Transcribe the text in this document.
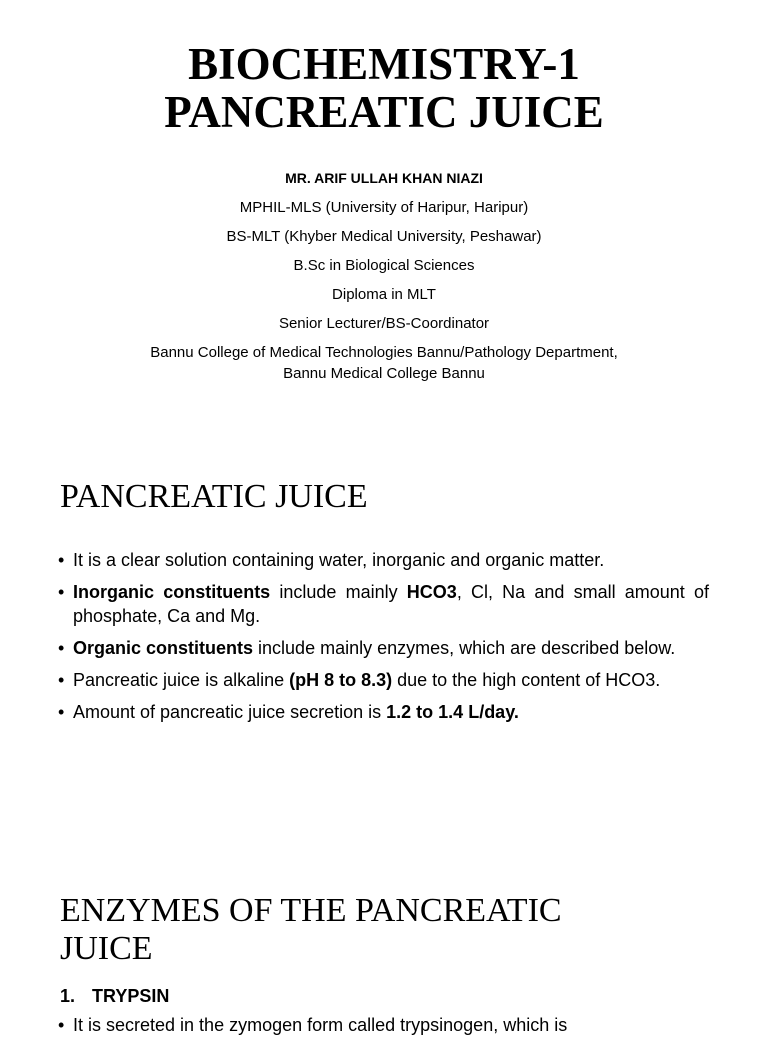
BIOCHEMISTRY-1
PANCREATIC JUICE
MR. ARIF ULLAH KHAN NIAZI
MPHIL-MLS (University of Haripur, Haripur)
BS-MLT (Khyber Medical University, Peshawar)
B.Sc in Biological Sciences
Diploma in MLT
Senior Lecturer/BS-Coordinator
Bannu College of Medical Technologies Bannu/Pathology Department, Bannu Medical College Bannu
PANCREATIC JUICE
• It is a clear solution containing water, inorganic and organic matter.
• Inorganic constituents include mainly HCO3, Cl, Na and small amount of phosphate, Ca and Mg.
• Organic constituents include mainly enzymes, which are described below.
• Pancreatic juice is alkaline (pH 8 to 8.3) due to the high content of HCO3.
• Amount of pancreatic juice secretion is 1.2 to 1.4 L/day.
ENZYMES OF THE PANCREATIC
JUICE
1. TRYPSIN
• It is secreted in the zymogen form called trypsinogen, which is
